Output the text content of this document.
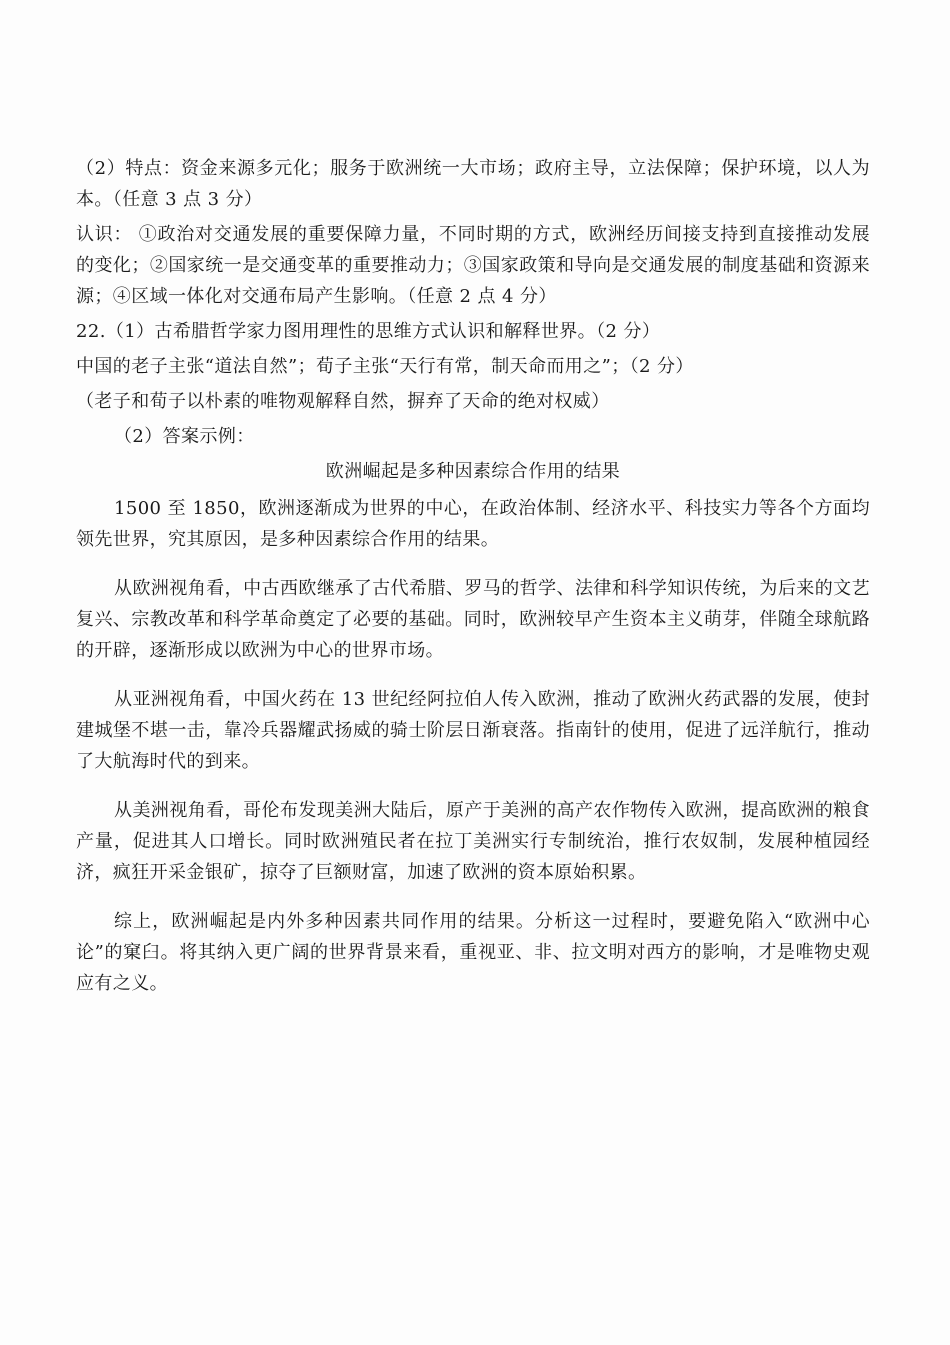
（2）特点：资金来源多元化；服务于欧洲统一大市场；政府主导，立法保障；保护环境，以人为本。（任意 3 点 3 分）

认识： ①政治对交通发展的重要保障力量，不同时期的方式，欧洲经历间接支持到直接推动发展的变化；②国家统一是交通变革的重要推动力；③国家政策和导向是交通发展的制度基础和资源来源；④区域一体化对交通布局产生影响。（任意 2 点 4 分）

22.（1）古希腊哲学家力图用理性的思维方式认识和解释世界。（2 分）

中国的老子主张“道法自然”；荀子主张“天行有常，制天命而用之”；（2 分）

（老子和荀子以朴素的唯物观解释自然，摒弃了天命的绝对权威）

（2）答案示例：

欧洲崛起是多种因素综合作用的结果

1500 至 1850，欧洲逐渐成为世界的中心，在政治体制、经济水平、科技实力等各个方面均领先世界，究其原因，是多种因素综合作用的结果。

从欧洲视角看，中古西欧继承了古代希腊、罗马的哲学、法律和科学知识传统，为后来的文艺复兴、宗教改革和科学革命奠定了必要的基础。同时，欧洲较早产生资本主义萌芽，伴随全球航路的开辟，逐渐形成以欧洲为中心的世界市场。

从亚洲视角看，中国火药在 13 世纪经阿拉伯人传入欧洲，推动了欧洲火药武器的发展，使封建城堡不堪一击，靠冷兵器耀武扬威的骑士阶层日渐衰落。指南针的使用，促进了远洋航行，推动了大航海时代的到来。

从美洲视角看，哥伦布发现美洲大陆后，原产于美洲的高产农作物传入欧洲，提高欧洲的粮食产量，促进其人口增长。同时欧洲殖民者在拉丁美洲实行专制统治，推行农奴制，发展种植园经济，疯狂开采金银矿，掠夺了巨额财富，加速了欧洲的资本原始积累。

综上，欧洲崛起是内外多种因素共同作用的结果。分析这一过程时，要避免陷入“欧洲中心论”的窠臼。将其纳入更广阔的世界背景来看，重视亚、非、拉文明对西方的影响，才是唯物史观应有之义。
